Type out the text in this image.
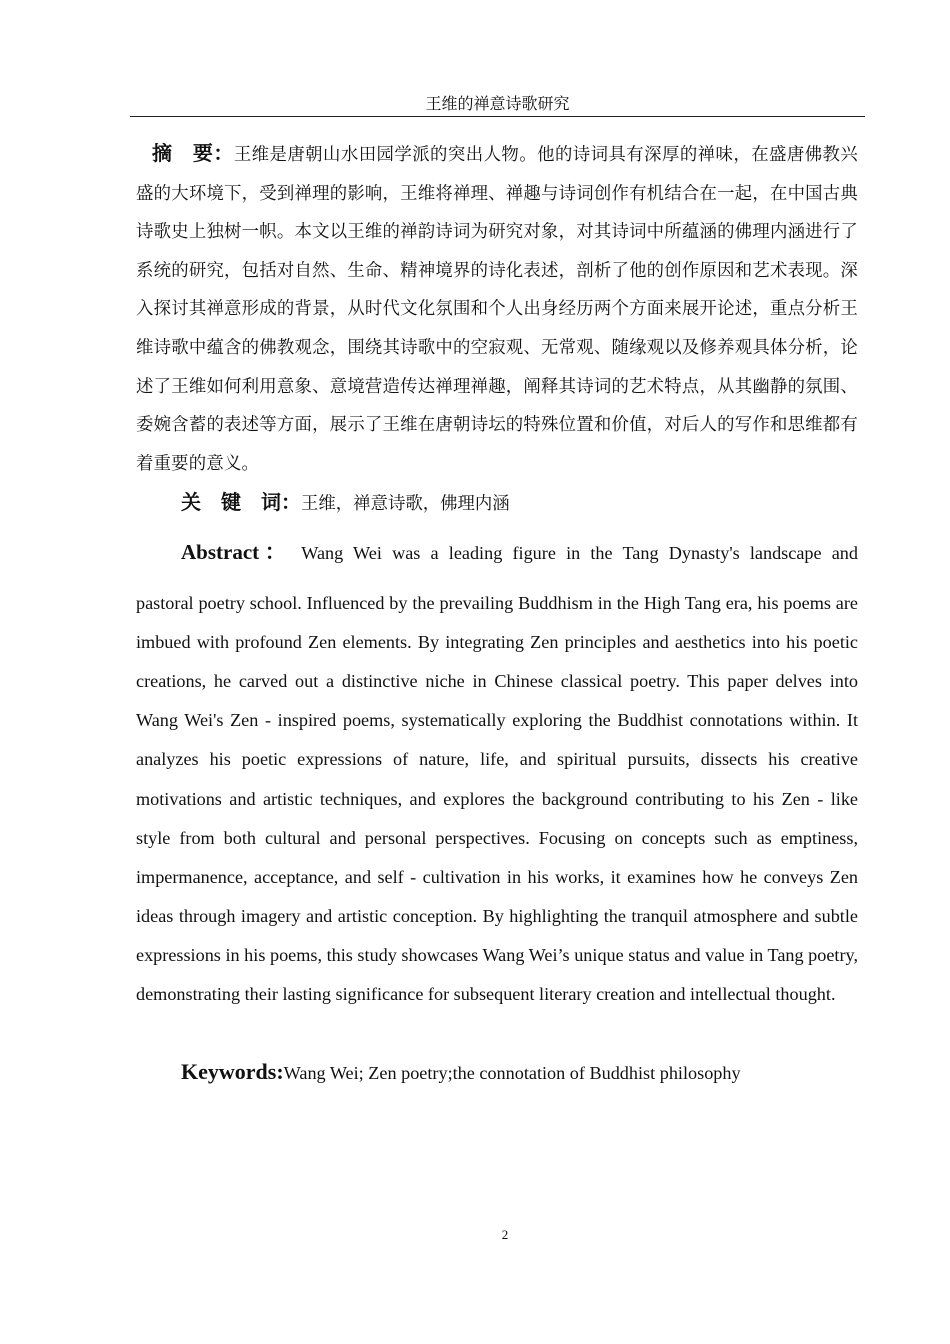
王维的禅意诗歌研究
摘　要：王维是唐朝山水田园学派的突出人物。他的诗词具有深厚的禅味，在盛唐佛教兴盛的大环境下，受到禅理的影响，王维将禅理、禅趣与诗词创作有机结合在一起，在中国古典诗歌史上独树一帜。本文以王维的禅韵诗词为研究对象，对其诗词中所蕴涵的佛理内涵进行了系统的研究，包括对自然、生命、精神境界的诗化表述，剖析了他的创作原因和艺术表现。深入探讨其禅意形成的背景，从时代文化氛围和个人出身经历两个方面来展开论述，重点分析王维诗歌中蕴含的佛教观念，围绕其诗歌中的空寂观、无常观、随缘观以及修养观具体分析，论述了王维如何利用意象、意境营造传达禅理禅趣，阐释其诗词的艺术特点，从其幽静的氛围、委婉含蓄的表述等方面，展示了王维在唐朝诗坛的特殊位置和价值，对后人的写作和思维都有着重要的意义。
关　键　词：王维，禅意诗歌，佛理内涵
Abstract： Wang Wei was a leading figure in the Tang Dynasty's landscape and
pastoral poetry school. Influenced by the prevailing Buddhism in the High Tang era, his poems are imbued with profound Zen elements. By integrating Zen principles and aesthetics into his poetic creations, he carved out a distinctive niche in Chinese classical poetry. This paper delves into Wang Wei's Zen - inspired poems, systematically exploring the Buddhist connotations within. It analyzes his poetic expressions of nature, life, and spiritual pursuits, dissects his creative motivations and artistic techniques, and explores the background contributing to his Zen - like style from both cultural and personal perspectives. Focusing on concepts such as emptiness, impermanence, acceptance, and self - cultivation in his works, it examines how he conveys Zen ideas through imagery and artistic conception. By highlighting the tranquil atmosphere and subtle expressions in his poems, this study showcases Wang Wei’s unique status and value in Tang poetry, demonstrating their lasting significance for subsequent literary creation and intellectual thought.
Keywords:Wang Wei; Zen poetry;the connotation of Buddhist philosophy
2
